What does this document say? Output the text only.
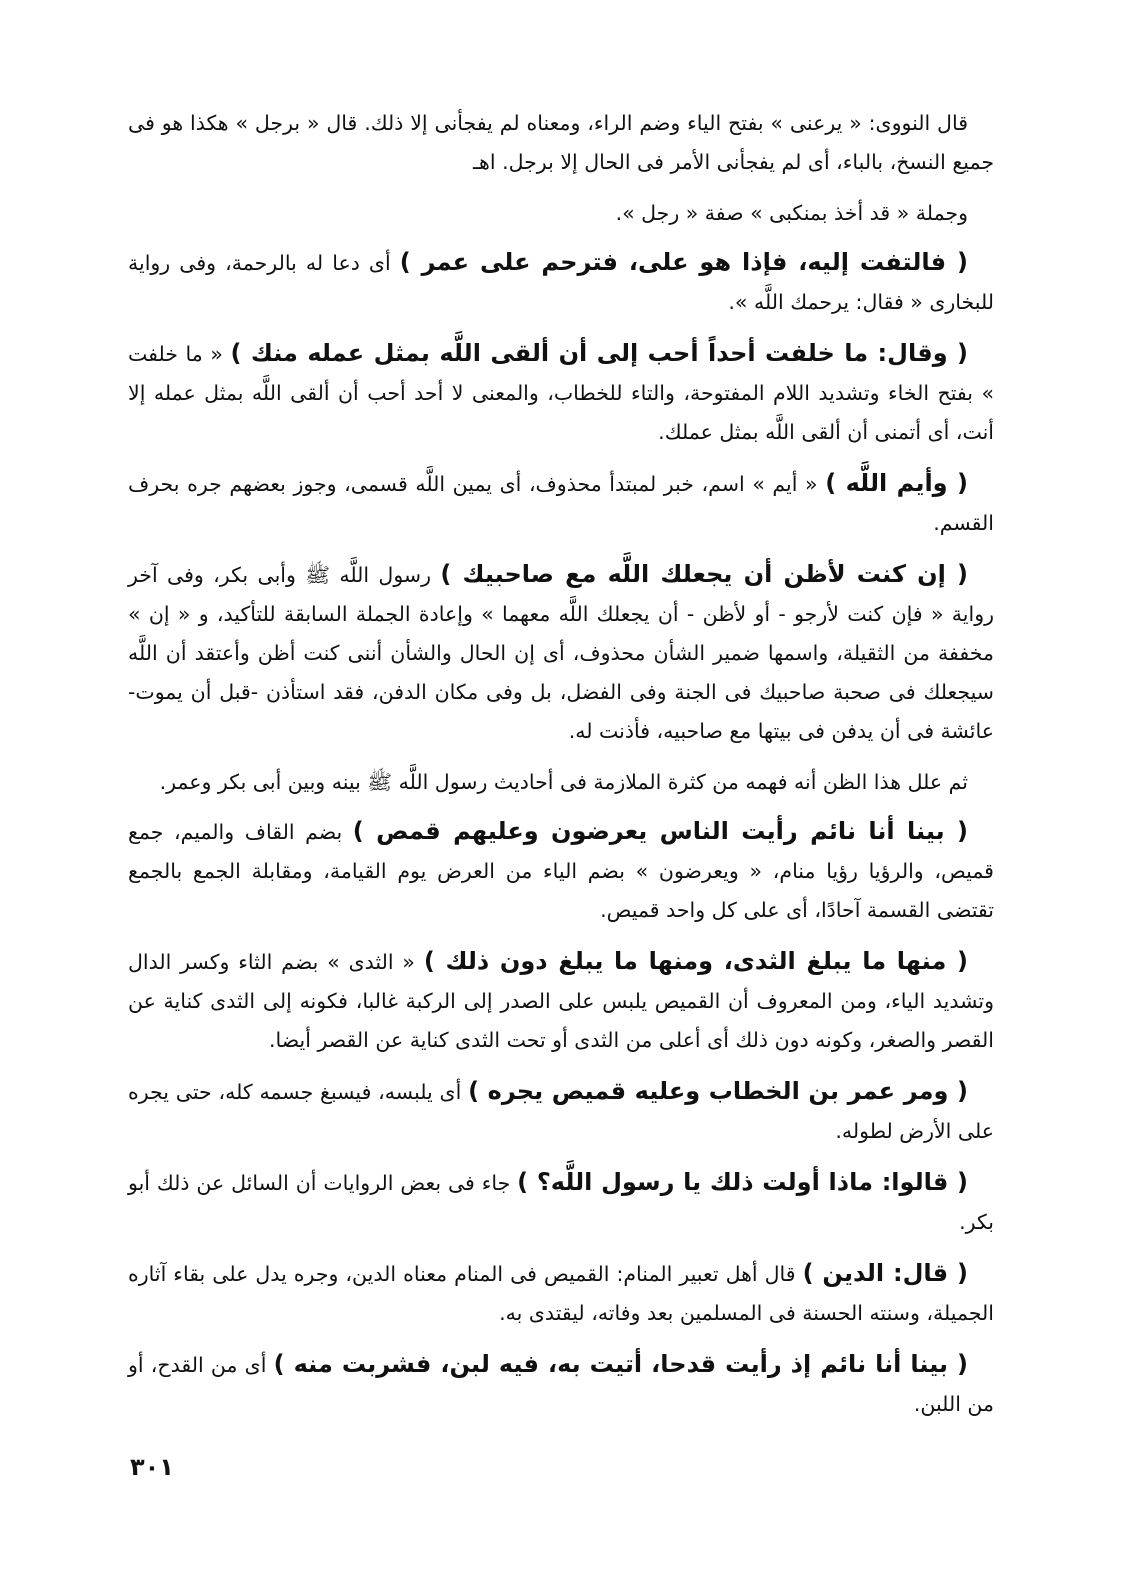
قال النووى: « يرعنى » بفتح الياء وضم الراء، ومعناه لم يفجأنى إلا ذلك. قال « برجل » هكذا هو فى جميع النسخ، بالباء، أى لم يفجأنى الأمر فى الحال إلا برجل. اهـ

وجملة « قد أخذ بمنكبى » صفة « رجل ».

( فالتفت إليه، فإذا هو على، فترحم على عمر ) أى دعا له بالرحمة، وفى رواية للبخارى « فقال: يرحمك اللَّه ».

( وقال: ما خلفت أحداً أحب إلى أن ألقى اللَّه بمثل عمله منك ) « ما خلفت » بفتح الخاء وتشديد اللام المفتوحة، والتاء للخطاب، والمعنى لا أحد أحب أن ألقى اللَّه بمثل عمله إلا أنت، أى أتمنى أن ألقى اللَّه بمثل عملك.

( وأيم اللَّه ) « أيم » اسم، خبر لمبتدأ محذوف، أى يمين اللَّه قسمى، وجوز بعضهم جره بحرف القسم.

( إن كنت لأظن أن يجعلك اللَّه مع صاحبيك ) رسول اللَّه ﷺ وأبى بكر، وفى آخر رواية « فإن كنت لأرجو - أو لأظن - أن يجعلك اللَّه معهما » وإعادة الجملة السابقة للتأكيد، و « إن » مخففة من الثقيلة، واسمها ضمير الشأن محذوف، أى إن الحال والشأن أننى كنت أظن وأعتقد أن اللَّه سيجعلك فى صحبة صاحبيك فى الجنة وفى الفضل، بل وفى مكان الدفن، فقد استأذن -قبل أن يموت- عائشة فى أن يدفن فى بيتها مع صاحبيه، فأذنت له.

ثم علل هذا الظن أنه فهمه من كثرة الملازمة فى أحاديث رسول اللَّه ﷺ بينه وبين أبى بكر وعمر.

( بينا أنا نائم رأيت الناس يعرضون وعليهم قمص ) بضم القاف والميم، جمع قميص، والرؤيا رؤيا منام، « ويعرضون » بضم الياء من العرض يوم القيامة، ومقابلة الجمع بالجمع تقتضى القسمة آحادًا، أى على كل واحد قميص.

( منها ما يبلغ الثدى، ومنها ما يبلغ دون ذلك ) « الثدى » بضم الثاء وكسر الدال وتشديد الياء، ومن المعروف أن القميص يلبس على الصدر إلى الركبة غالبا، فكونه إلى الثدى كناية عن القصر والصغر، وكونه دون ذلك أى أعلى من الثدى أو تحت الثدى كناية عن القصر أيضا.

( ومر عمر بن الخطاب وعليه قميص يجره ) أى يلبسه، فيسبغ جسمه كله، حتى يجره على الأرض لطوله.

( قالوا: ماذا أولت ذلك يا رسول اللَّه؟ ) جاء فى بعض الروايات أن السائل عن ذلك أبو بكر.

( قال: الدين ) قال أهل تعبير المنام: القميص فى المنام معناه الدين، وجره يدل على بقاء آثاره الجميلة، وسنته الحسنة فى المسلمين بعد وفاته، ليقتدى به.

( بينا أنا نائم إذ رأيت قدحا، أتيت به، فيه لبن، فشربت منه ) أى من القدح، أو من اللبن.

٣٠١
